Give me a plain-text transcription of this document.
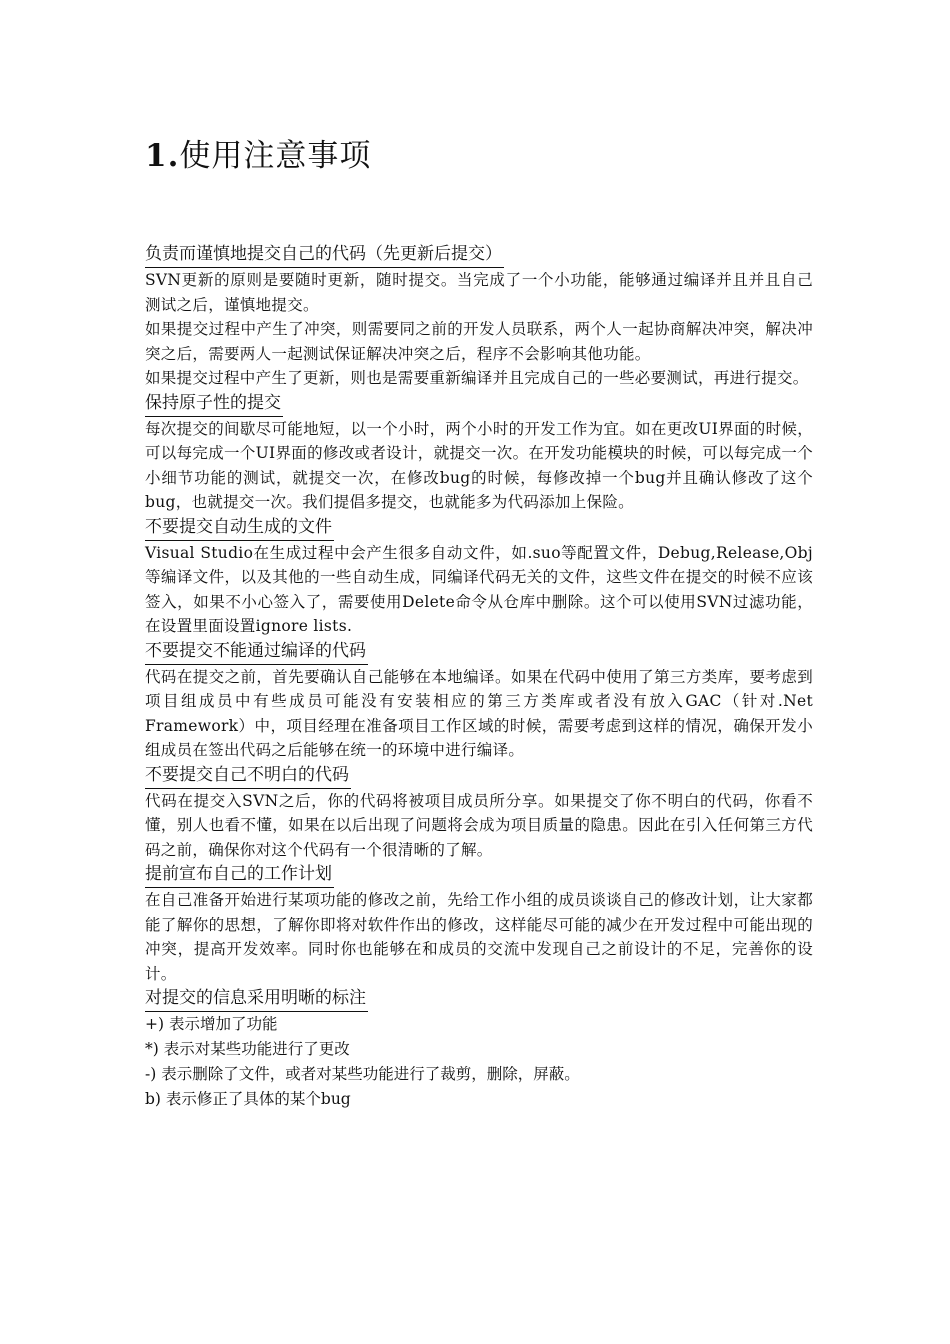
1.使用注意事项
负责而谨慎地提交自己的代码（先更新后提交）

SVN更新的原则是要随时更新，随时提交。当完成了一个小功能，能够通过编译并且并且自己测试之后，谨慎地提交。

如果提交过程中产生了冲突，则需要同之前的开发人员联系，两个人一起协商解决冲突，解决冲突之后，需要两人一起测试保证解决冲突之后，程序不会影响其他功能。

如果提交过程中产生了更新，则也是需要重新编译并且完成自己的一些必要测试，再进行提交。

保持原子性的提交

每次提交的间歇尽可能地短，以一个小时，两个小时的开发工作为宜。如在更改UI界面的时候，可以每完成一个UI界面的修改或者设计，就提交一次。在开发功能模块的时候，可以每完成一个小细节功能的测试，就提交一次，在修改bug的时候，每修改掉一个bug并且确认修改了这个bug，也就提交一次。我们提倡多提交，也就能多为代码添加上保险。

不要提交自动生成的文件

Visual Studio在生成过程中会产生很多自动文件，如.suo等配置文件，Debug,Release,Obj等编译文件，以及其他的一些自动生成，同编译代码无关的文件，这些文件在提交的时候不应该签入，如果不小心签入了，需要使用Delete命令从仓库中删除。这个可以使用SVN过滤功能，在设置里面设置ignore lists.

不要提交不能通过编译的代码

代码在提交之前，首先要确认自己能够在本地编译。如果在代码中使用了第三方类库，要考虑到项目组成员中有些成员可能没有安装相应的第三方类库或者没有放入GAC（针对.Net Framework）中，项目经理在准备项目工作区域的时候，需要考虑到这样的情况，确保开发小组成员在签出代码之后能够在统一的环境中进行编译。

不要提交自己不明白的代码

代码在提交入SVN之后，你的代码将被项目成员所分享。如果提交了你不明白的代码，你看不懂，别人也看不懂，如果在以后出现了问题将会成为项目质量的隐患。因此在引入任何第三方代码之前，确保你对这个代码有一个很清晰的了解。

提前宣布自己的工作计划

在自己准备开始进行某项功能的修改之前，先给工作小组的成员谈谈自己的修改计划，让大家都能了解你的思想，了解你即将对软件作出的修改，这样能尽可能的减少在开发过程中可能出现的冲突，提高开发效率。同时你也能够在和成员的交流中发现自己之前设计的不足，完善你的设计。

对提交的信息采用明晰的标注
+) 表示增加了功能
*) 表示对某些功能进行了更改
-) 表示删除了文件，或者对某些功能进行了裁剪，删除，屏蔽。
b) 表示修正了具体的某个bug
